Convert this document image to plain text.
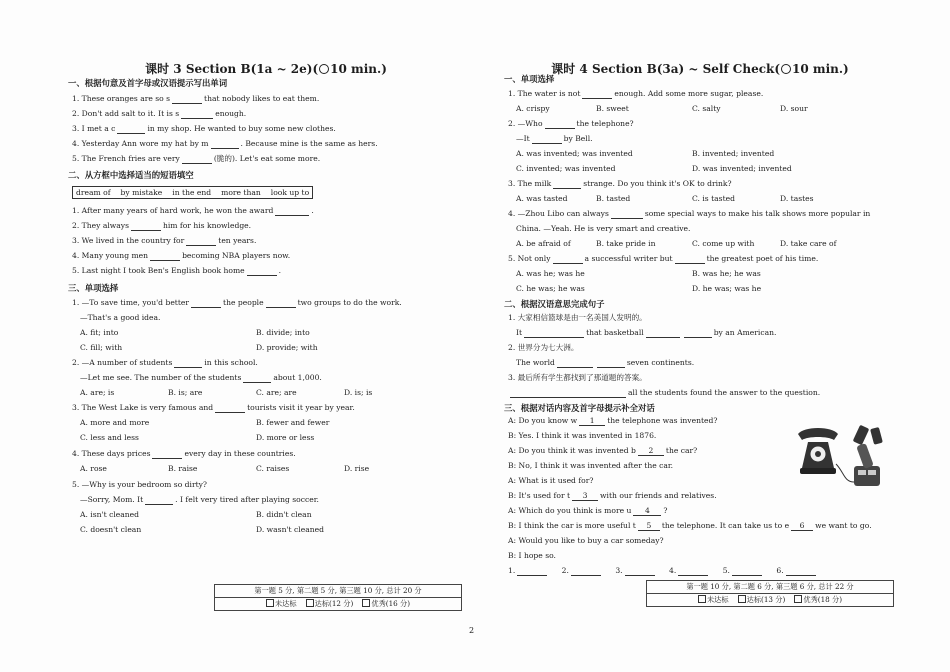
课时 3 Section B(1a ~ 2e)( 10 min.)
一、根据句意及首字母或汉语提示写出单词
1. These oranges are so s	that nobody likes to eat them.
2. Don't add salt to it. It is s	enough.
3. I met a c	in my shop. He wanted to buy some new clothes.
4. Yesterday Ann wore my hat by m	. Because mine is the same as hers.
5. The French fries are very	(脆的). Let's eat some more.
二、从方框中选择适当的短语填空
dream of by mistake in the end more than look up to
1. After many years of hard work, he won the award	.
2. They always	him for his knowledge.
3. We lived in the country for	ten years.
4. Many young men	becoming NBA players now.
5. Last night I took Ben's English book home	.
三、单项选择
1. —To save time, you'd better	the people	two groups to do the work.
—That's a good idea.
A. fit; into	B. divide; into
C. fill; with	D. provide; with
2. —A number of students	in this school.
—Let me see. The number of the students	about 1,000.
A. are; is	B. is; are	C. are; are	D. is; is
3. The West Lake is very famous and	tourists visit it year by year.
A. more and more	B. fewer and fewer
C. less and less	D. more or less
4. These days prices	every day in these countries.
A. rose	B. raise	C. raises	D. rise
5. —Why is your bedroom so dirty?
—Sorry, Mom. It	. I felt very tired after playing soccer.
A. isn't cleaned	B. didn't clean
C. doesn't clean	D. wasn't cleaned
第一题 5 分, 第二题 5 分, 第三题 10 分, 总计 20 分
未达标	达标(12 分)	优秀(16 分)
课时 4 Section B(3a) ~ Self Check( 10 min.)
一、单项选择
1. The water is not	enough. Add some more sugar, please.
A. crispy	B. sweet	C. salty	D. sour
2. —Who	the telephone?
—It	by Bell.
A. was invented; was invented	B. invented; invented
C. invented; was invented	D. was invented; invented
3. The milk	strange. Do you think it's OK to drink?
A. was tasted	B. tasted	C. is tasted	D. tastes
4. —Zhou Libo can always	some special ways to make his talk shows more popular in
China. —Yeah. He is very smart and creative.
A. be afraid of	B. take pride in	C. come up with	D. take care of
5. Not only	a successful writer but	the greatest poet of his time.
A. was he; was he	B. was he; he was
C. he was; he was	D. he was; was he
二、根据汉语意思完成句子
1. 大家相信篮球是由一名美国人发明的。
It	that basketball	by an American.
2. 世界分为七大洲。
The world	seven continents.
3. 最后所有学生都找到了那道题的答案。
all the students found the answer to the question.
三、根据对话内容及首字母提示补全对话
A: Do you know w	1	the telephone was invented?
B: Yes. I think it was invented in 1876.
A: Do you think it was invented b	2	the car?
B: No, I think it was invented after the car.
A: What is it used for?
B: It's used for t	3	with our friends and relatives.
A: Which do you think is more u	4	?
B: I think the car is more useful t	5	the telephone. It can take us to e	6	we want to go.
A: Would you like to buy a car someday?
B: I hope so.
1.	2.	3.	4.	5.	6.
第一题 10 分, 第二题 6 分, 第三题 6 分, 总计 22 分
未达标	达标(13 分)	优秀(18 分)
2
